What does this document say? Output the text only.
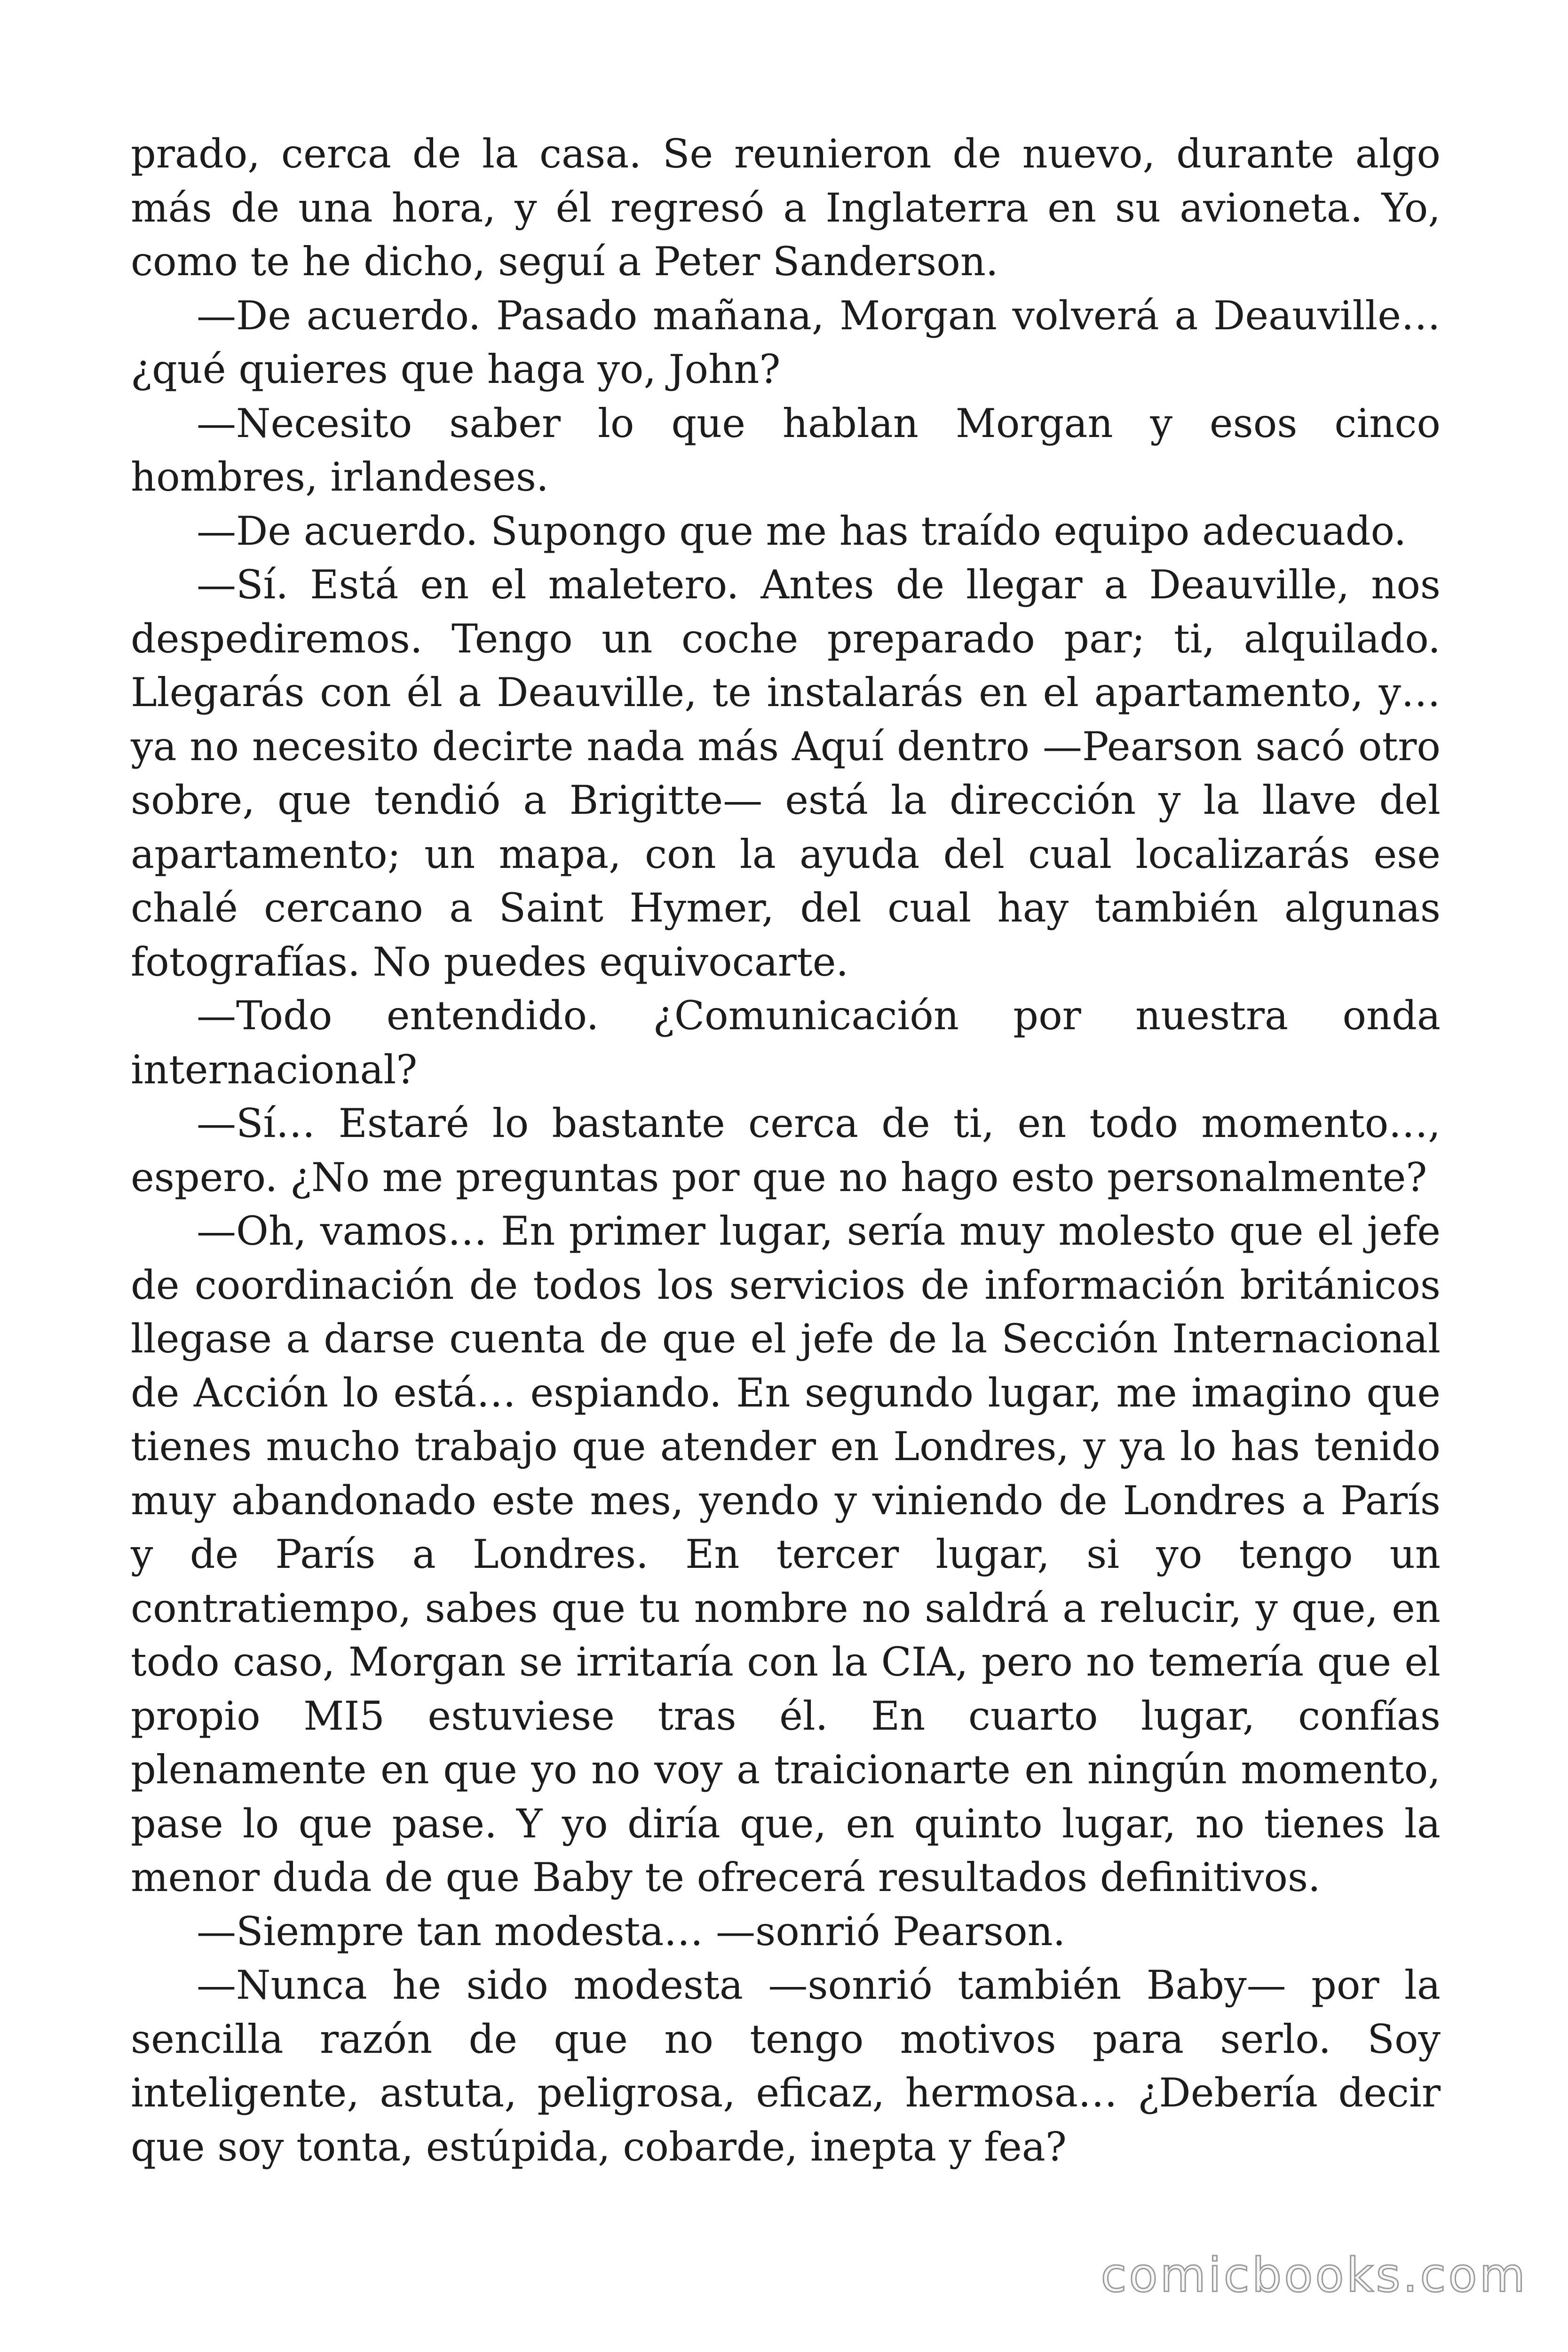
prado, cerca de la casa. Se reunieron de nuevo, durante algo más de una hora, y él regresó a Inglaterra en su avioneta. Yo, como te he dicho, seguí a Peter Sanderson.

—De acuerdo. Pasado mañana, Morgan volverá a Deauville… ¿qué quieres que haga yo, John?

—Necesito saber lo que hablan Morgan y esos cinco hombres, irlandeses.

—De acuerdo. Supongo que me has traído equipo adecuado.

—Sí. Está en el maletero. Antes de llegar a Deauville, nos despediremos. Tengo un coche preparado par; ti, alquilado. Llegarás con él a Deauville, te instalarás en el apartamento, y… ya no necesito decirte nada más Aquí dentro —Pearson sacó otro sobre, que tendió a Brigitte— está la dirección y la llave del apartamento; un mapa, con la ayuda del cual localizarás ese chalé cercano a Saint Hymer, del cual hay también algunas fotografías. No puedes equivocarte.

—Todo entendido. ¿Comunicación por nuestra onda internacional?

—Sí… Estaré lo bastante cerca de ti, en todo momento…, espero. ¿No me preguntas por que no hago esto personalmente?

—Oh, vamos… En primer lugar, sería muy molesto que el jefe de coordinación de todos los servicios de información británicos llegase a darse cuenta de que el jefe de la Sección Internacional de Acción lo está… espiando. En segundo lugar, me imagino que tienes mucho trabajo que atender en Londres, y ya lo has tenido muy abandonado este mes, yendo y viniendo de Londres a París y de París a Londres. En tercer lugar, si yo tengo un contratiempo, sabes que tu nombre no saldrá a relucir, y que, en todo caso, Morgan se irritaría con la CIA, pero no temería que el propio MI5 estuviese tras él. En cuarto lugar, confías plenamente en que yo no voy a traicionarte en ningún momento, pase lo que pase. Y yo diría que, en quinto lugar, no tienes la menor duda de que Baby te ofrecerá resultados definitivos.

—Siempre tan modesta… —sonrió Pearson.

—Nunca he sido modesta —sonrió también Baby— por la sencilla razón de que no tengo motivos para serlo. Soy inteligente, astuta, peligrosa, eficaz, hermosa… ¿Debería decir que soy tonta, estúpida, cobarde, inepta y fea?

comicbooks.com
